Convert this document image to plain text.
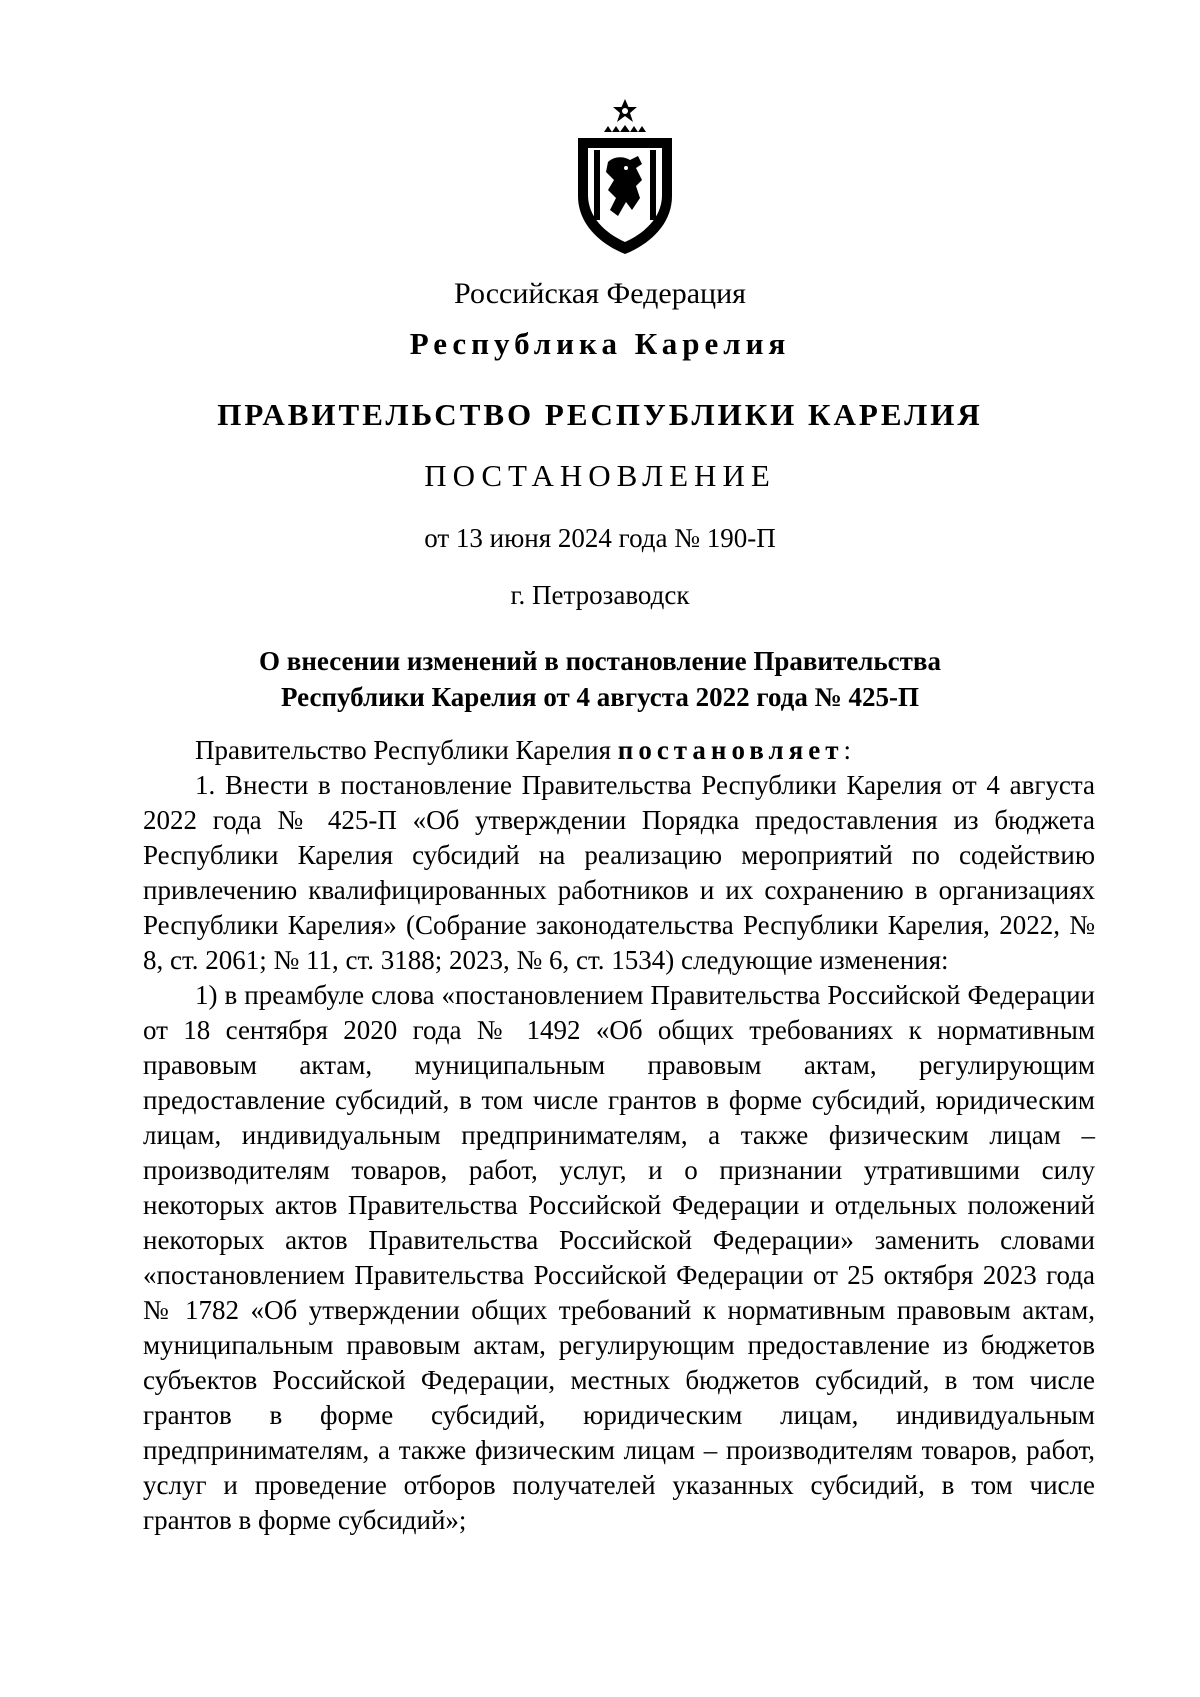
Российская Федерация
Республика Карелия
ПРАВИТЕЛЬСТВО РЕСПУБЛИКИ КАРЕЛИЯ
ПОСТАНОВЛЕНИЕ
от 13 июня 2024 года № 190-П
г. Петрозаводск
О внесении изменений в постановление Правительства
Республики Карелия от 4 августа 2022 года № 425-П

Правительство Республики Карелия постановляет:

1. Внести в постановление Правительства Республики Карелия от 4 августа 2022 года № 425-П «Об утверждении Порядка предоставления из бюджета Республики Карелия субсидий на реализацию мероприятий по содействию привлечению квалифицированных работников и их сохранению в организациях Республики Карелия» (Собрание законодательства Республики Карелия, 2022, № 8, ст. 2061; № 11, ст. 3188; 2023, № 6, ст. 1534) следующие изменения:

1) в преамбуле слова «постановлением Правительства Российской Федерации от 18 сентября 2020 года № 1492 «Об общих требованиях к нормативным правовым актам, муниципальным правовым актам, регулирующим предоставление субсидий, в том числе грантов в форме субсидий, юридическим лицам, индивидуальным предпринимателям, а также физическим лицам – производителям товаров, работ, услуг, и о признании утратившими силу некоторых актов Правительства Российской Федерации и отдельных положений некоторых актов Правительства Российской Федерации» заменить словами «постановлением Правительства Российской Федерации от 25 октября 2023 года № 1782 «Об утверждении общих требований к нормативным правовым актам, муниципальным правовым актам, регулирующим предоставление из бюджетов субъектов Российской Федерации, местных бюджетов субсидий, в том числе грантов в форме субсидий, юридическим лицам, индивидуальным предпринимателям, а также физическим лицам – производителям товаров, работ, услуг и проведение отборов получателей указанных субсидий, в том числе грантов в форме субсидий»;
